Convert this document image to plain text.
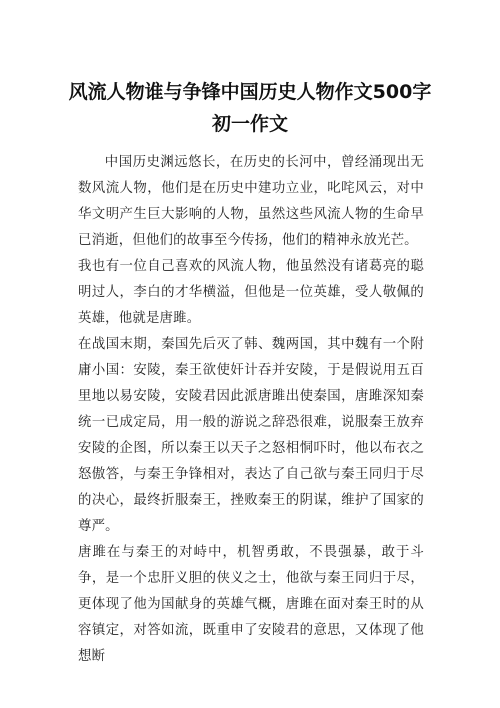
风流人物谁与争锋中国历史人物作文500字初一作文

中国历史渊远悠长，在历史的长河中，曾经涌现出无数风流人物，他们是在历史中建功立业，叱咤风云，对中华文明产生巨大影响的人物，虽然这些风流人物的生命早已消逝，但他们的故事至今传扬，他们的精神永放光芒。

我也有一位自己喜欢的风流人物，他虽然没有诸葛亮的聪明过人，李白的才华横溢，但他是一位英雄，受人敬佩的英雄，他就是唐雎。

在战国末期，秦国先后灭了韩、魏两国，其中魏有一个附庸小国：安陵，秦王欲使奸计吞并安陵，于是假说用五百里地以易安陵，安陵君因此派唐雎出使秦国，唐雎深知秦统一已成定局，用一般的游说之辞恐很难，说服秦王放弃安陵的企图，所以秦王以天子之怒相恫吓时，他以布衣之怒傲答，与秦王争锋相对，表达了自己欲与秦王同归于尽的决心，最终折服秦王，挫败秦王的阴谋，维护了国家的尊严。

唐雎在与秦王的对峙中，机智勇敢，不畏强暴，敢于斗争，是一个忠肝义胆的侠义之士，他欲与秦王同归于尽，更体现了他为国献身的英雄气概，唐雎在面对秦王时的从容镇定，对答如流，既重申了安陵君的意思，又体现了他想断
